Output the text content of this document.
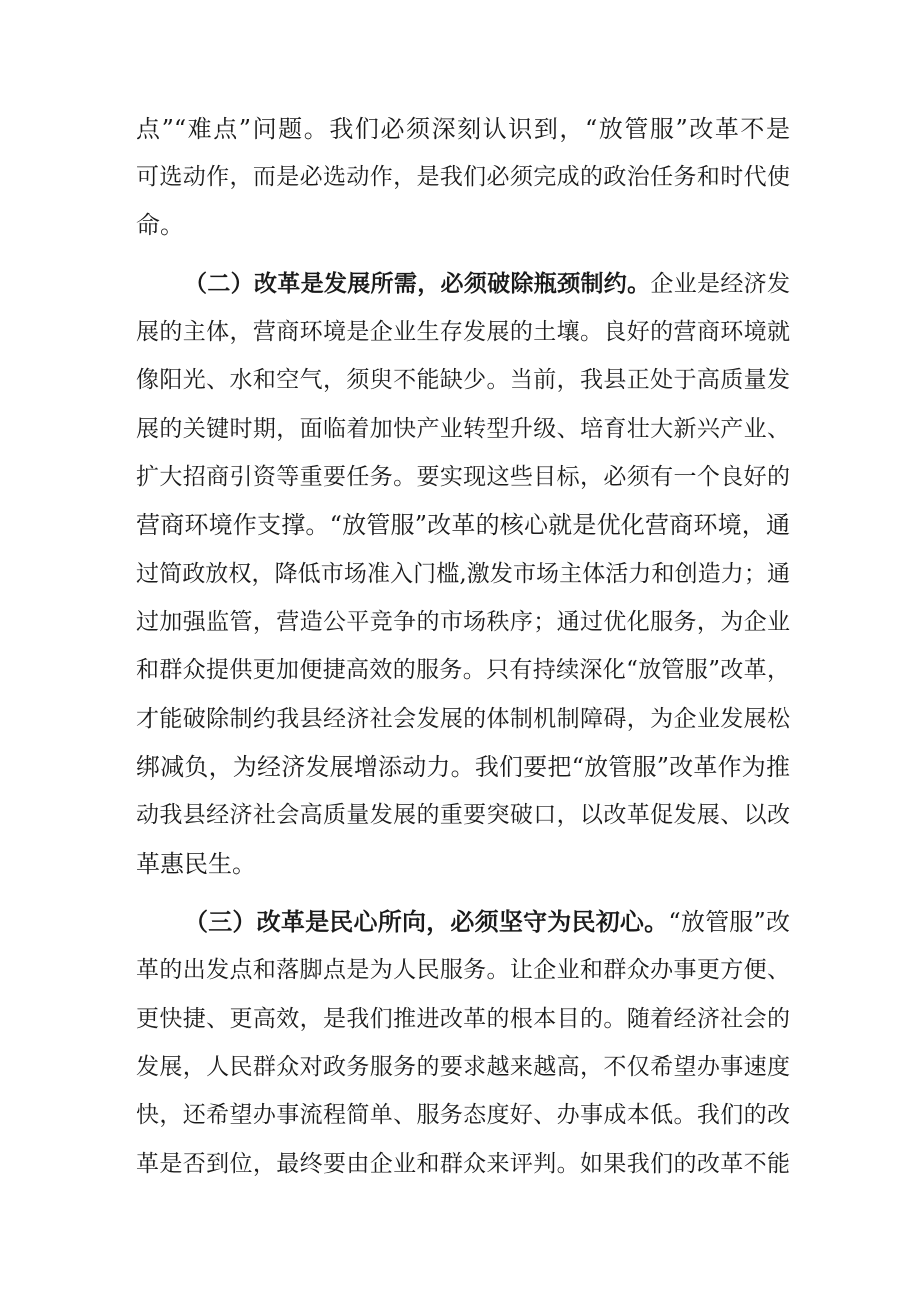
点”“难点”问题。我们必须深刻认识到，“放管服”改革不是
可选动作，而是必选动作，是我们必须完成的政治任务和时代使
命。
（二）改革是发展所需，必须破除瓶颈制约。企业是经济发
展的主体，营商环境是企业生存发展的土壤。良好的营商环境就
像阳光、水和空气，须臾不能缺少。当前，我县正处于高质量发
展的关键时期，面临着加快产业转型升级、培育壮大新兴产业、
扩大招商引资等重要任务。要实现这些目标，必须有一个良好的
营商环境作支撑。“放管服”改革的核心就是优化营商环境，通
过简政放权，降低市场准入门槛,激发市场主体活力和创造力；通
过加强监管，营造公平竞争的市场秩序；通过优化服务，为企业
和群众提供更加便捷高效的服务。只有持续深化“放管服”改革，
才能破除制约我县经济社会发展的体制机制障碍，为企业发展松
绑减负，为经济发展增添动力。我们要把“放管服”改革作为推
动我县经济社会高质量发展的重要突破口，以改革促发展、以改
革惠民生。
（三）改革是民心所向，必须坚守为民初心。“放管服”改
革的出发点和落脚点是为人民服务。让企业和群众办事更方便、
更快捷、更高效，是我们推进改革的根本目的。随着经济社会的
发展，人民群众对政务服务的要求越来越高，不仅希望办事速度
快，还希望办事流程简单、服务态度好、办事成本低。我们的改
革是否到位，最终要由企业和群众来评判。如果我们的改革不能
